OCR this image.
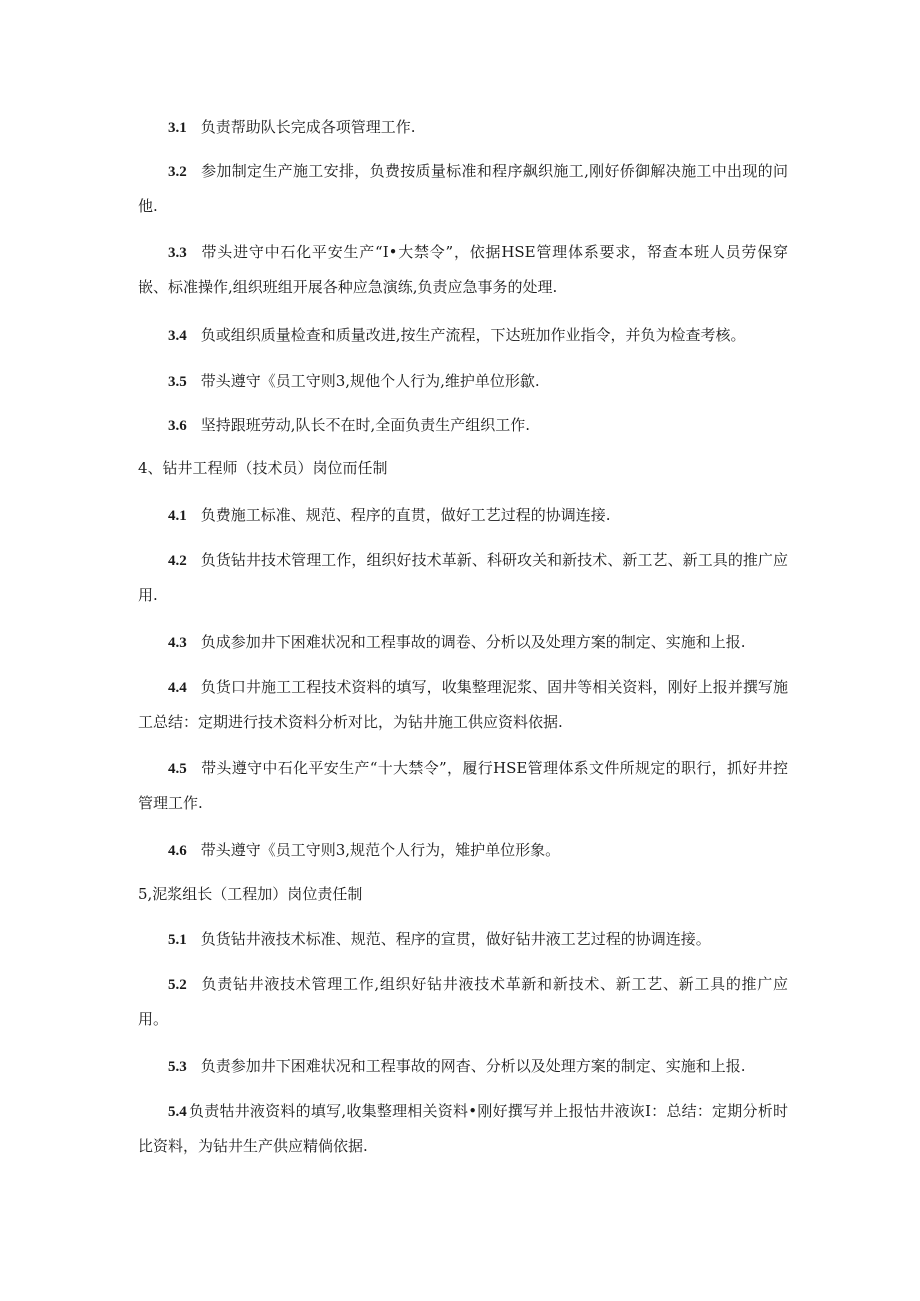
3.1 负责帮助队长完成各项管理工作.

3.2 参加制定生产施工安排，负费按质量标准和程序飙织施工,刚好侨御解决施工中出现的问他.

3.3 带头进守中石化平安生产“I•大禁令”，依据HSE管理体系要求，帑查本班人员劳保穿嵌、标准操作,组织班组开展各种应急演练,负责应急事务的处理.

3.4 负或组织质量检查和质量改进,按生产流程，下达班加作业指令，并负为检查考核。

3.5 带头遵守《员工守则3,规他个人行为,维护单位形歙.

3.6 坚持跟班劳动,队长不在时,全面负责生产组织工作.

4、钻井工程师（技术员）岗位而任制

4.1 负费施工标准、规范、程序的直贯，做好工艺过程的协调连接.

4.2 负货钻井技术管理工作，组织好技术革新、科研攻关和新技术、新工艺、新工具的推广应用.

4.3 负成参加井下困难状况和工程事故的调卷、分析以及处理方案的制定、实施和上报.

4.4 负货口井施工工程技术资料的填写，收集整理泥浆、固井等相关资料，刚好上报并撰写施工总结：定期进行技术资料分析对比，为钻井施工供应资料依据.

4.5 带头遵守中石化平安生产“十大禁令”，履行HSE管理体系文件所规定的职行，抓好井控管理工作.

4.6 带头遵守《员工守则3,规范个人行为，雉护单位形象。

5,泥浆组长（工程加）岗位责任制

5.1 负货钻井液技术标准、规范、程序的宣贯，做好钻井液工艺过程的协调连接。

5.2 负责钻井液技术管理工作,组织好钻井液技术革新和新技术、新工艺、新工具的推广应用。

5.3 负责参加井下困难状况和工程事故的网杳、分析以及处理方案的制定、实施和上报.

5.4 负责牯井液资料的填写,收集整理相关资料•刚好撰写并上报怙井液诙I：总结：定期分析时比资料，为钻井生产供应精倘依据.
